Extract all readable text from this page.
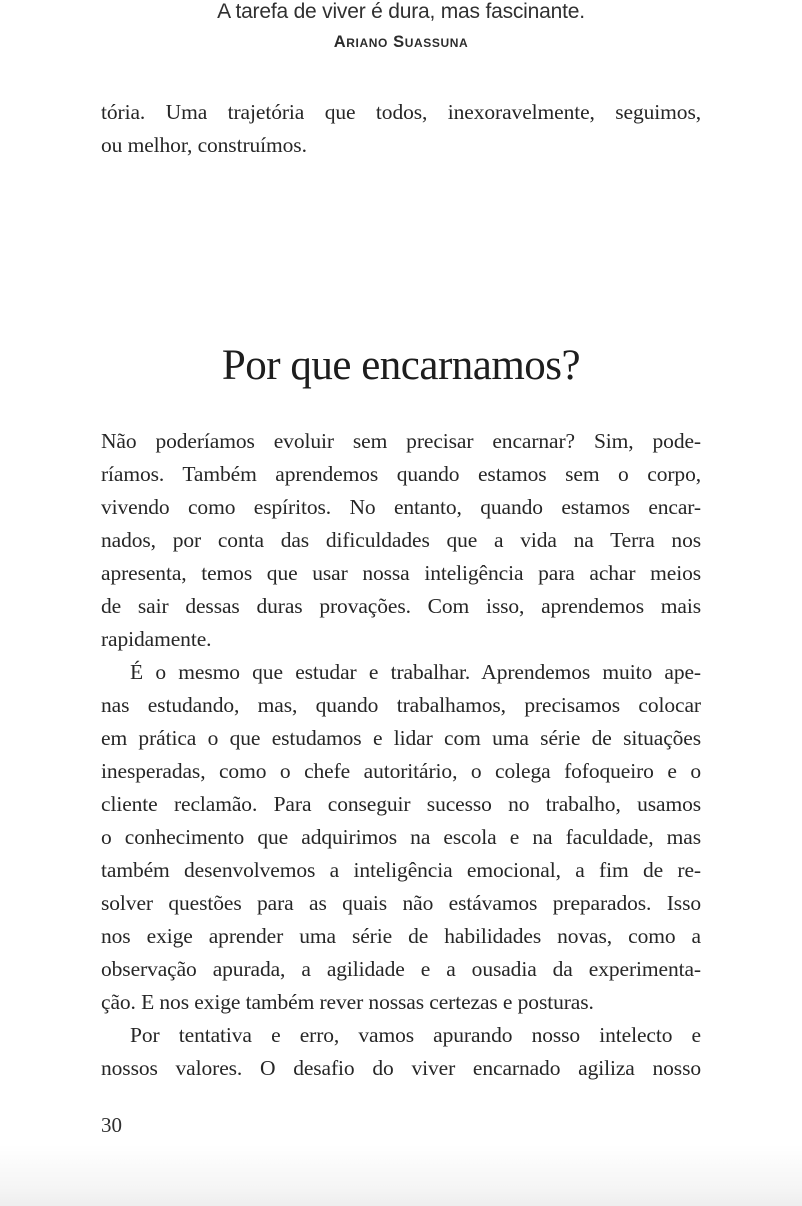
tória. Uma trajetória que todos, inexoravelmente, seguimos,
ou melhor, construímos.
A tarefa de viver é dura, mas fascinante.
Ariano Suassuna
Por que encarnamos?
Não poderíamos evoluir sem precisar encarnar? Sim, pode-
ríamos. Também aprendemos quando estamos sem o corpo,
vivendo como espíritos. No entanto, quando estamos encar-
nados, por conta das dificuldades que a vida na Terra nos
apresenta, temos que usar nossa inteligência para achar meios
de sair dessas duras provações. Com isso, aprendemos mais
rapidamente.
É o mesmo que estudar e trabalhar. Aprendemos muito ape-
nas estudando, mas, quando trabalhamos, precisamos colocar
em prática o que estudamos e lidar com uma série de situações
inesperadas, como o chefe autoritário, o colega fofoqueiro e o
cliente reclamão. Para conseguir sucesso no trabalho, usamos
o conhecimento que adquirimos na escola e na faculdade, mas
também desenvolvemos a inteligência emocional, a fim de re-
solver questões para as quais não estávamos preparados. Isso
nos exige aprender uma série de habilidades novas, como a
observação apurada, a agilidade e a ousadia da experimenta-
ção. E nos exige também rever nossas certezas e posturas.
Por tentativa e erro, vamos apurando nosso intelecto e
nossos valores. O desafio do viver encarnado agiliza nosso
30
